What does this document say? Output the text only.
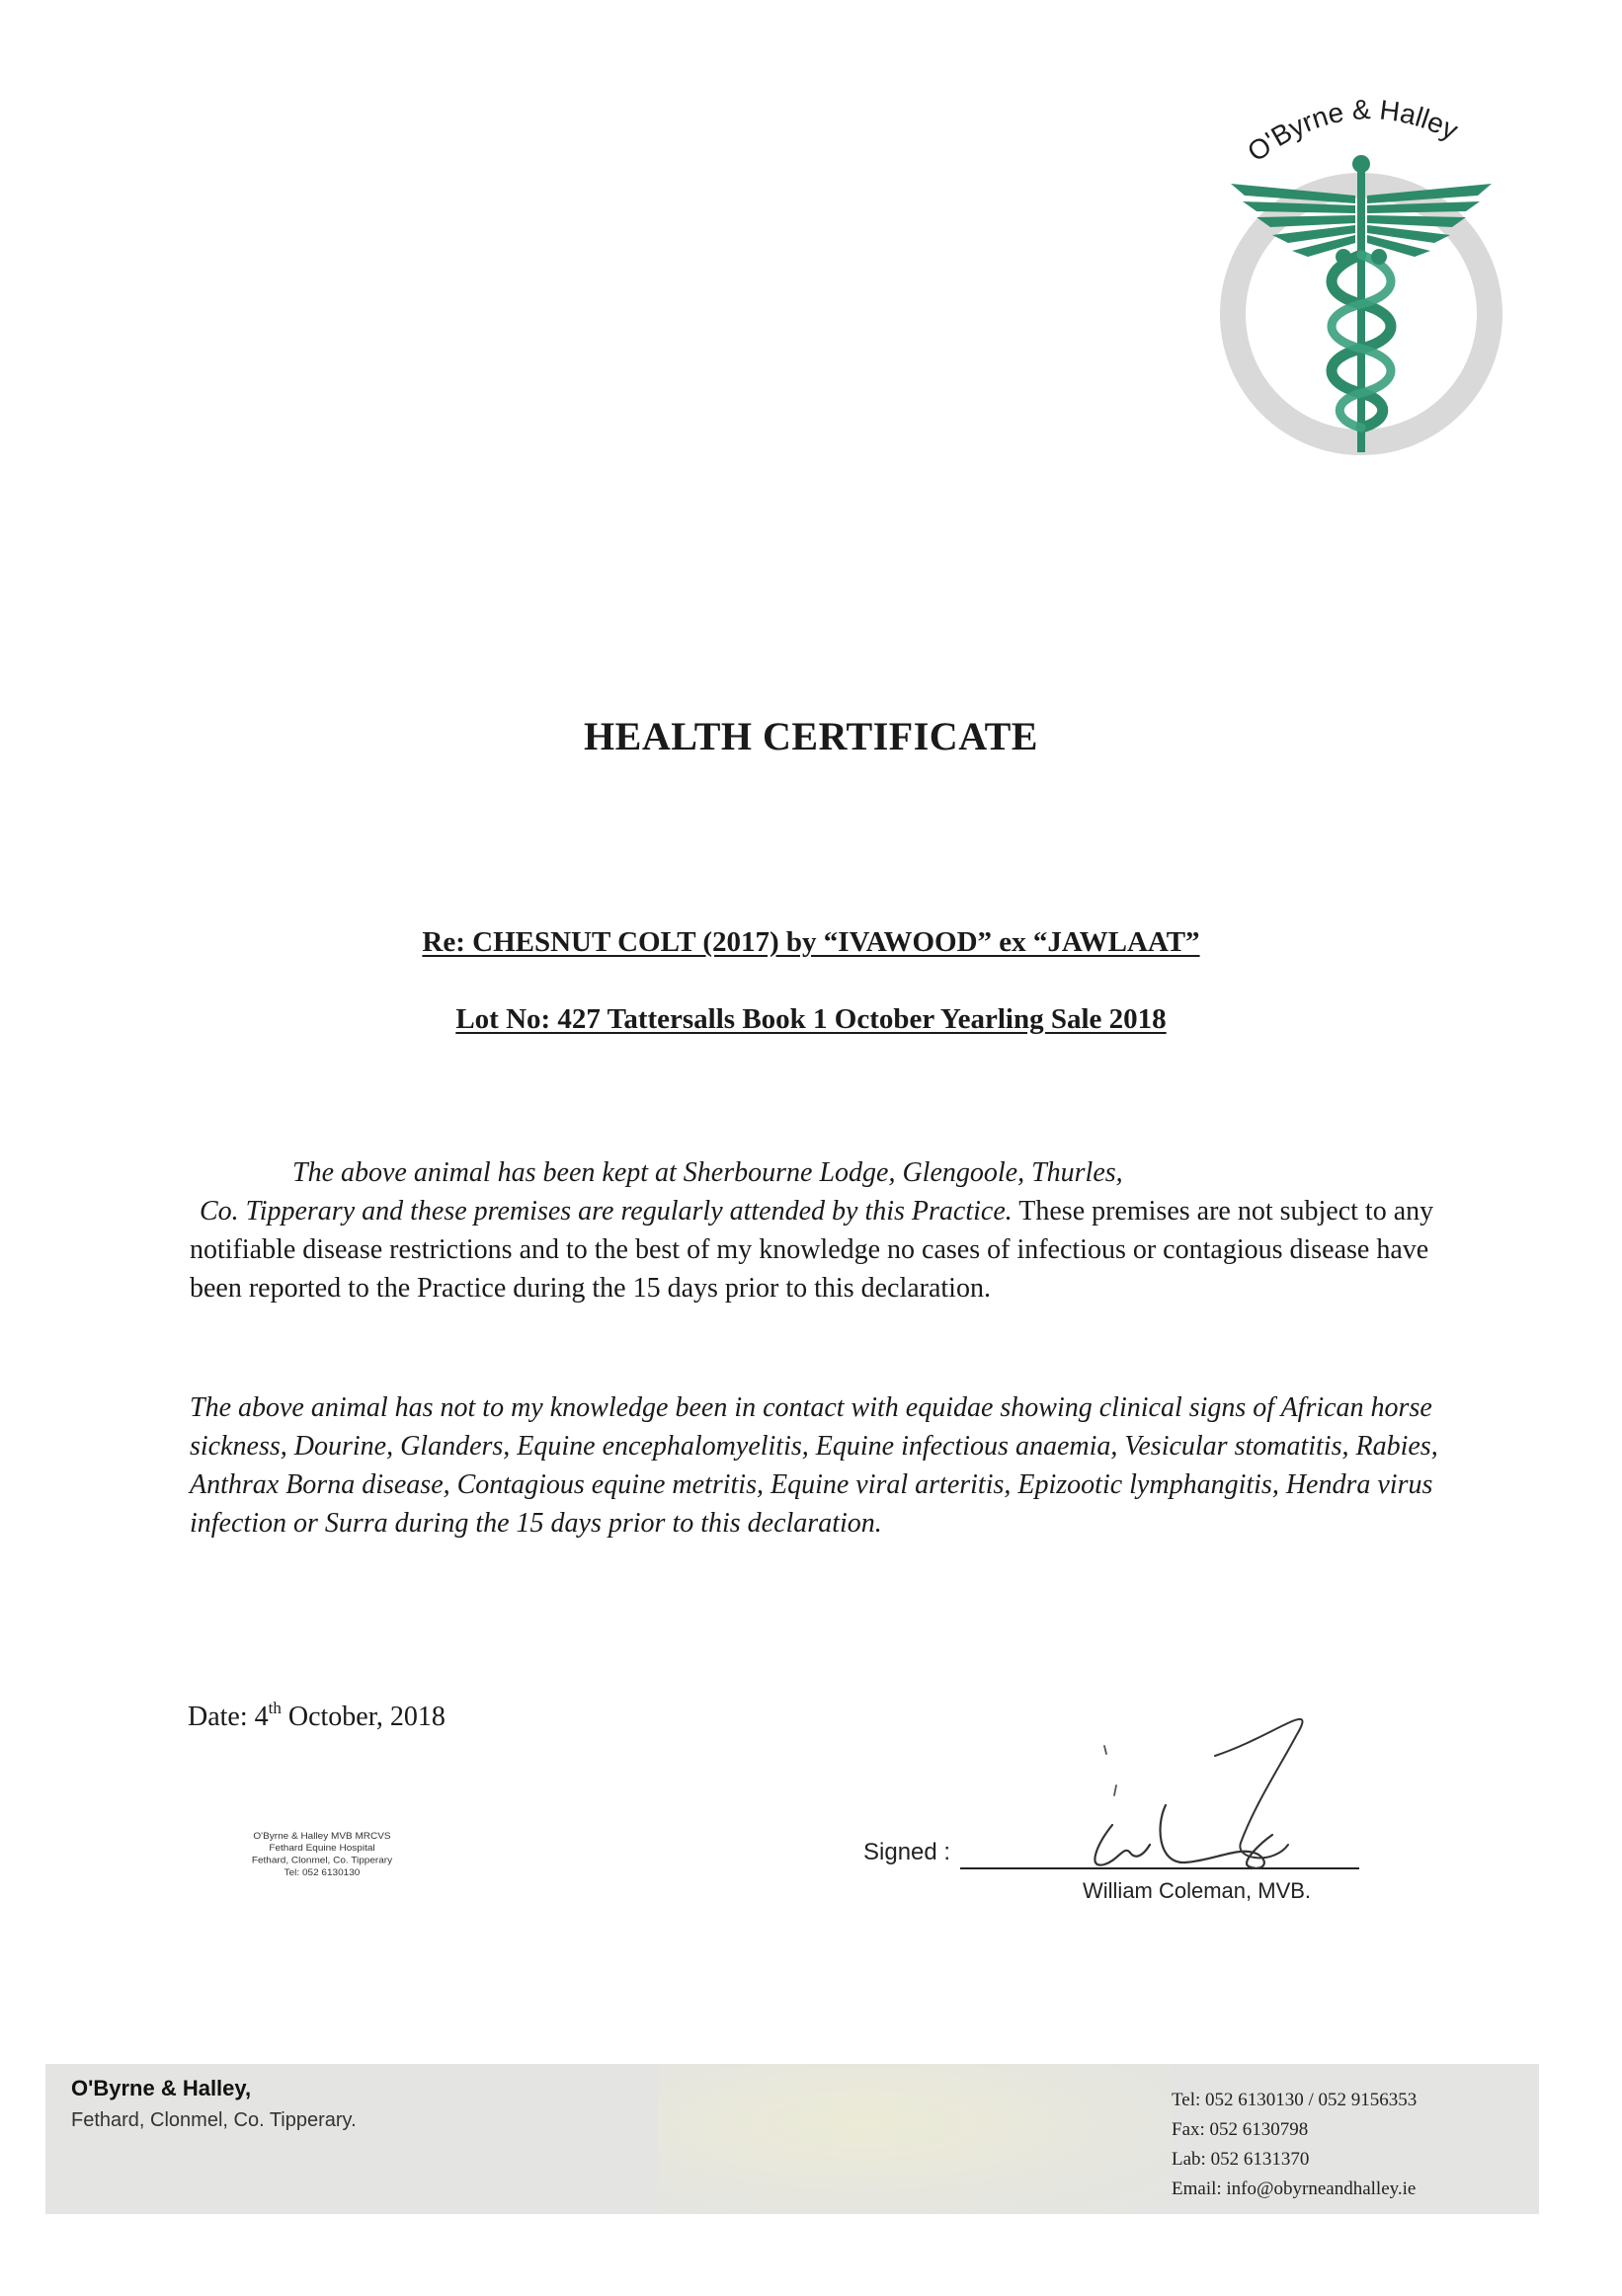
O'Byrne & Halley
HEALTH CERTIFICATE
Re: CHESNUT COLT (2017) by “IVAWOOD” ex “JAWLAAT”
Lot No: 427 Tattersalls Book 1 October Yearling Sale 2018
The above animal has been kept at Sherbourne Lodge, Glengoole, Thurles,
Co. Tipperary and these premises are regularly attended by this Practice. These premises are not subject to any notifiable disease restrictions and to the best of my knowledge no cases of infectious or contagious disease have been reported to the Practice during the 15 days prior to this declaration.
The above animal has not to my knowledge been in contact with equidae showing clinical signs of African horse sickness, Dourine, Glanders, Equine encephalomyelitis, Equine infectious anaemia, Vesicular stomatitis, Rabies, Anthrax Borna disease, Contagious equine metritis, Equine viral arteritis, Epizootic lymphangitis, Hendra virus infection or Surra during the 15 days prior to this declaration.
Date: 4th October, 2018
O'Byrne & Halley MVB MRCVS
Fethard Equine Hospital
Fethard, Clonmel, Co. Tipperary
Tel: 052 6130130
Signed :
William Coleman, MVB.
O'Byrne & Halley,
Fethard, Clonmel, Co. Tipperary.
Tel: 052 6130130 / 052 9156353
Fax: 052 6130798
Lab: 052 6131370
Email: info@obyrneandhalley.ie
